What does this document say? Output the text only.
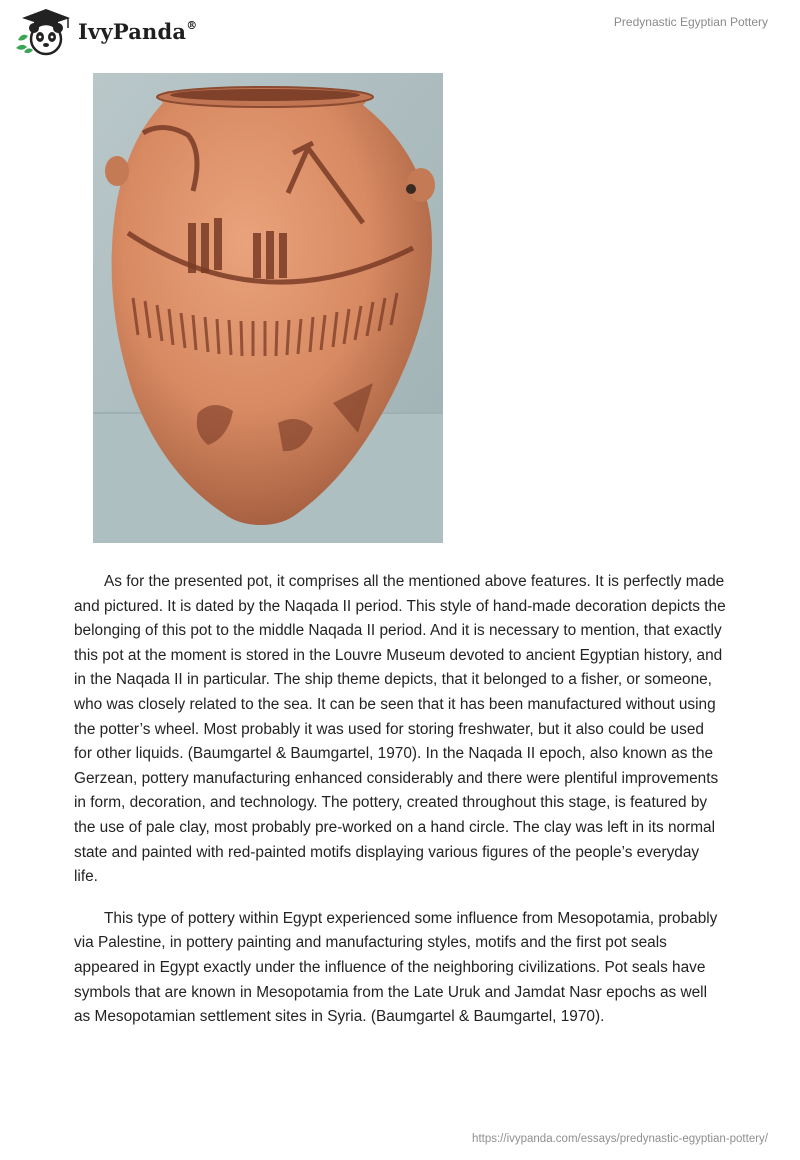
IvyPanda®	Predynastic Egyptian Pottery

As for the presented pot, it comprises all the mentioned above features. It is perfectly made and pictured. It is dated by the Naqada II period. This style of hand-made decoration depicts the belonging of this pot to the middle Naqada II period. And it is necessary to mention, that exactly this pot at the moment is stored in the Louvre Museum devoted to ancient Egyptian history, and in the Naqada II in particular. The ship theme depicts, that it belonged to a fisher, or someone, who was closely related to the sea. It can be seen that it has been manufactured without using the potter’s wheel. Most probably it was used for storing freshwater, but it also could be used for other liquids. (Baumgartel & Baumgartel, 1970). In the Naqada II epoch, also known as the Gerzean, pottery manufacturing enhanced considerably and there were plentiful improvements in form, decoration, and technology. The pottery, created throughout this stage, is featured by the use of pale clay, most probably pre-worked on a hand circle. The clay was left in its normal state and painted with red-painted motifs displaying various figures of the people’s everyday life.

This type of pottery within Egypt experienced some influence from Mesopotamia, probably via Palestine, in pottery painting and manufacturing styles, motifs and the first pot seals appeared in Egypt exactly under the influence of the neighboring civilizations. Pot seals have symbols that are known in Mesopotamia from the Late Uruk and Jamdat Nasr epochs as well as Mesopotamian settlement sites in Syria. (Baumgartel & Baumgartel, 1970).

https://ivypanda.com/essays/predynastic-egyptian-pottery/
